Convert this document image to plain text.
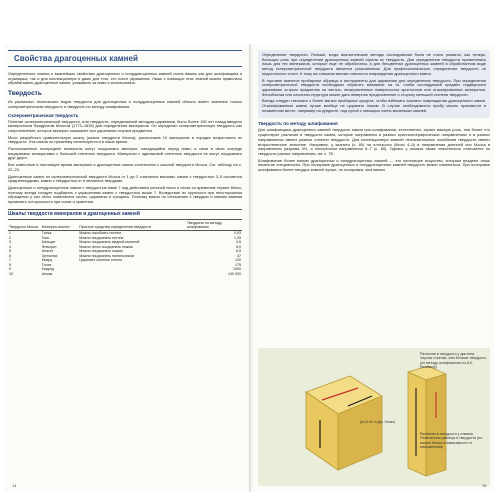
Свойства драгоценных камней

Определенные знания о важнейших свойствах драгоценных и полудрагоценных камней очень важны как для шлифовщика и огранщика, так и для коллекционера и даже для того, кто носит украшения. Лишь с помощью этих знаний можно правильно обрабатывать драгоценные камни, ухаживать за ними и использовать.

Твердость

Из различных технических видов твердости для драгоценных и полудрагоценных камней обычно имеет значение только склерометрическая твердость и твердость по методу шлифования.

Склерометрическая твердость

Понятие склерометрической твердости, или твердости, определяемой методом царапания, было более 150 лет назад введено минералогом Фридрихом Моосом (1773–1839) для определения минералов. Он определил склерометрическую твердость как сопротивление, которое минерал оказывает при царапании острым предметом.

Моос разработал сравнительную шкалу (шкала твердости Мооса), расположив 10 минералов в порядке возрастания их твердости. Эта шкала по-прежнему используется и в наше время.

Расположенные посередине минералы могут поцарапать минерал, находящийся перед ними, и сами в свою очередь поцарапаны минералами с большей степенью твердости. Минералы с одинаковой степенью твердости не могут поцарапать друг друга.

Все известные в настоящее время минералы и драгоценные камни соотнесены с шкалой твердости Мооса. См. таблицу на с. 22–23.

Драгоценные камни по склерометрической твердости Мооса от 1 до 2 считаются мягкими, камни с твердостью 3–5 считаются среднетвердыми, камни с твердостью от 6 являются твердыми.

Драгоценные и полудрагоценные камни с твердостью ниже 7 под действием уличной пыли и песка со временем теряют блеск, поэтому всегда следует подбирать к украшениям камни с твердостью выше 7. Вследствие их хрупкости при неосторожном обращении у них легко появляются сколы, царапины и трещины. Поэтому важно по отношению к твердым и мягким камням проявлять осторожность при носке и хранении.

Шкалы твердости минералов и драгоценных камней
Твердость Мооса	Минерал-эталон	Простые средства определения твердости	Твердость по методу шлифования
1	Тальк	Можно оскоблить ногтем	0,03
2	Гипс	Можно поцарапать ногтем	1,25
3	Кальцит	Можно поцарапать медной монетой	4,5
4	Флюорит	Можно легко поцарапать ножом	5,0
5	Апатит	Можно поцарапать ножом	6,5
6	Ортоклаз	Можно поцарапать напильником	37
7	Кварц	Царапает оконное стекло	120
8	Топаз		175
9	Корунд		1000
10	Алмаз		140 000

Определение твердости. Раньше, когда аналитические методы исследования были не столь развиты, как теперь, большую роль при определении драгоценных камней играла их твердость. Для определения твердости применялись лишь для тех минералов, которые еще не обработаны, а для бесцветных драгоценных камней в обработанном виде метод склерометрической твердости является рискованным. Для профессионального определения твердости он недостаточно точен. К тому же слишком велика опасность повреждения драгоценного камня.

В торговле имеются пробирные образцы и инструменты для царапания для определения твердости. При определении склерометрической твердости необходимо обратить внимание на то, чтобы исследуемый предмет подвергался царапанию острым предметом на чистых, незагрязненных поверхностях кристаллов или отшлифованных минералов. Желобчатая или слоистая структура может дать неверное представление о сторону меньшей степени твердости.

Всегда следует начинать с более мягких пробирных средств, чтобы избежать лишнего повреждения драгоценного камня. Отшлифованные камни лучше вообще не царапать ножом. В случае необходимости пробу можно произвести в незаметном месте, например на рундисте, под лупой с помощью очень маленьких камней.

Твердость по методу шлифования

Для шлифовщика драгоценных камней твердость камня при шлифовании, естественно, играет важную роль, тем более что существуют различия в твердости камня, которые направлены в разных кристаллографических направлениях и в разных направлениях имеют разные степени твердости. Для коллекционера камней незначительные колебания твердости имеют второстепенное значение. Например, у кианита (с. 80) на плоскости (Моос 4–5) в направлении длинной оси Мооса в направлении разрыва 4½, а поперечном направлении 6–7 (с. 80). Однако у алмаза также значительно отличается по твердости разные направления, см. с. 78.

Шлифование более мягких драгоценных и полудрагоценных камней — это настоящее искусство, которым владеют лишь немногие специалисты. При полировке драгоценных и полудрагоценных камней твердость может изменяться. При полировке шлифования более твердых камней лучше, но полировка, чем мягких.

Различия в твердости у дистена. Черная стрелка, чем больше твердость (по методу шлифования по А.Е. Розивалу)
(по Е.М. и Дж. Уилкс)
Различия в твердости у алмаза. Отмеченная разница в твердости (по шкале Мооса в зависимости от направления)
14	15
